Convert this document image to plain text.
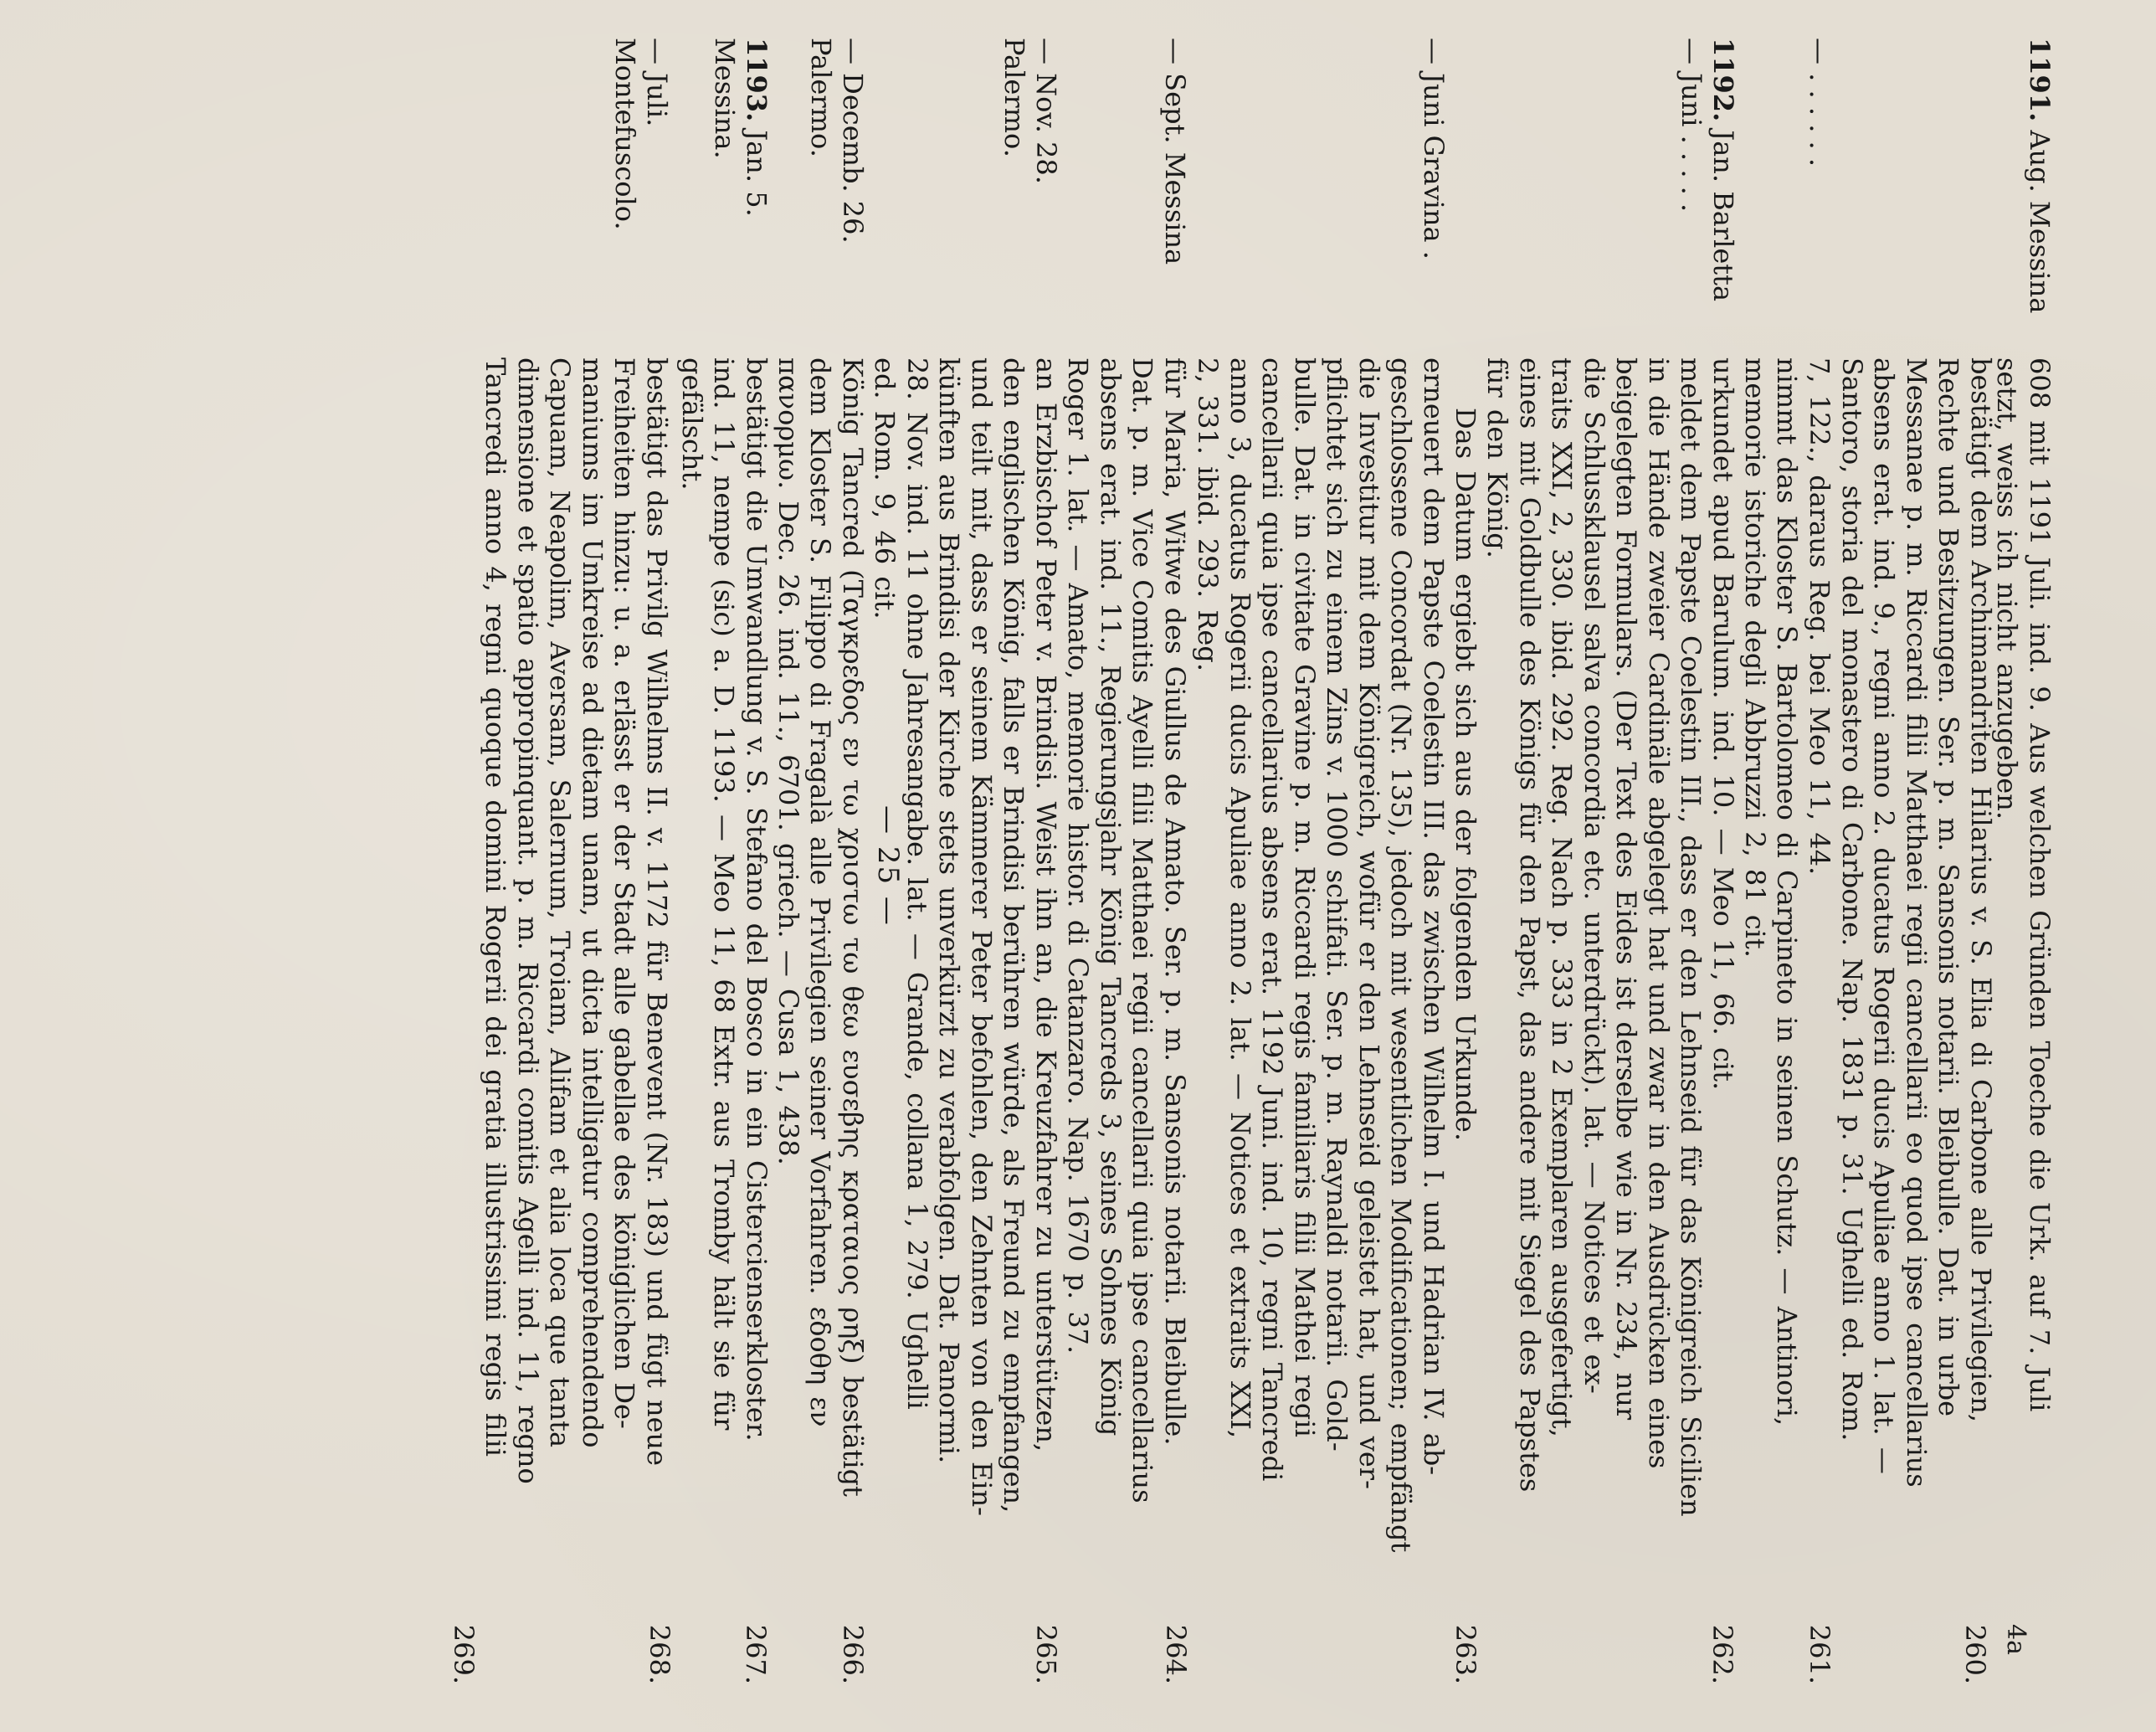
— 25 —
1191. Aug. Messina
608 mit 1191 Juli. ind. 9. Aus welchen Gründen Toeche die Urk. auf 7. Juli
setzt, weiss ich nicht anzugeben.
260.
bestätigt dem Archimandriten Hilarius v. S. Elia di Carbone alle Privilegien,
Rechte und Besitzungen. Ser. p. m. Sansonis notarii. Bleibulle. Dat. in urbe
Messanae p. m. Riccardi filii Matthaei regii cancellarii eo quod ipse cancellarius
absens erat. ind. 9., regni anno 2. ducatus Rogerii ducis Apuliae anno 1. lat. —
Santoro, storia del monastero di Carbone. Nap. 1831 p. 31. Ughelli ed. Rom.
261.
— . . . . . .
7, 122., daraus Reg. bei Meo 11, 44.
nimmt das Kloster S. Bartolomeo di Carpineto in seinen Schutz. — Antinori,
memorie istoriche degli Abbruzzi 2, 81 cit.
262.
1192. Jan. Barletta
— Juni . . . . .
urkundet apud Barulum. ind. 10. — Meo 11, 66. cit.
meldet dem Papste Coelestin III., dass er den Lehnseid für das Königreich Sicilien
in die Hände zweier Cardinäle abgelegt hat und zwar in den Ausdrücken eines
beigelegten Formulars. (Der Text des Eides ist derselbe wie in Nr. 234, nur
die Schlussklausel salva concordia etc. unterdrückt). lat. — Notices et ex-
traits XXI, 2, 330. ibid. 292. Reg. Nach p. 333 in 2 Exemplaren ausgefertigt,
eines mit Goldbulle des Königs für den Papst, das andere mit Siegel des Papstes
für den König.
263.
Das Datum ergiebt sich aus der folgenden Urkunde.
— Juni Gravina .
erneuert dem Papste Coelestin III. das zwischen Wilhelm I. und Hadrian IV. ab-
geschlossene Concordat (Nr. 135), jedoch mit wesentlichen Modificationen; empfängt
die Investitur mit dem Königreich, wofür er den Lehnseid geleistet hat, und ver-
pflichtet sich zu einem Zins v. 1000 schifati. Ser. p. m. Raynaldi notarii. Gold-
bulle. Dat. in civitate Gravine p. m. Riccardi regis familiaris filii Mathei regii
cancellarii quia ipse cancellarius absens erat. 1192 Juni. ind. 10, regni Tancredi
anno 3, ducatus Rogerii ducis Apuliae anno 2. lat. — Notices et extraits XXI,
2, 331. ibid. 293. Reg.
264.
— Sept. Messina
für Maria, Witwe des Giullus de Amato. Ser. p. m. Sansonis notarii. Bleibulle.
Dat. p. m. Vice Comitis Ayelli filii Matthaei regii cancellarii quia ipse cancellarius
absens erat. ind. 11., Regierungsjahr König Tancreds 3, seines Sohnes König
Roger 1. lat. — Amato, memorie histor. di Catanzaro. Nap. 1670 p. 37.
265.
— Nov. 28.
Palermo.
an Erzbischof Peter v. Brindisi. Weist ihn an, die Kreuzfahrer zu unterstützen,
den englischen König, falls er Brindisi berühren würde, als Freund zu empfangen,
und teilt mit, dass er seinem Kämmerer Peter befohlen, den Zehnten von den Ein-
künften aus Brindisi der Kirche stets unverkürzt zu verabfolgen. Dat. Panormi.
28. Nov. ind. 11 ohne Jahresangabe. lat. — Grande, collana 1, 279. Ughelli
ed. Rom. 9, 46 cit.
266.
— Decemb. 26.
Palermo.
König Tancred (Ταγκρεδος εν τω χριστω τω θεω ευσεβης κραταιος ρηξ) bestätigt
dem Kloster S. Filippo di Fragalà alle Privilegien seiner Vorfahren. εδοθη εν
πανορμω. Dec. 26. ind. 11., 6701. griech. — Cusa 1, 438.
267.
1193. Jan. 5.
Messina.
bestätigt die Umwandlung v. S. Stefano del Bosco in ein Cistercienserkloster.
ind. 11, nempe (sic) a. D. 1193. — Meo 11, 68 Extr. aus Tromby hält sie für
gefälscht.
268.
— Juli.
Montefuscolo.
bestätigt das Privilg Wilhelms II. v. 1172 für Benevent (Nr. 183) und fügt neue
Freiheiten hinzu: u. a. erlässt er der Stadt alle gabellae des königlichen De-
maniums im Umkreise ad dietam unam, ut dicta intelligatur comprehendendo
Capuam, Neapolim, Aversam, Salernum, Troiam, Alifam et alia loca que tanta
dimensione et spatio appropinquant. p. m. Riccardi comitis Agelli ind. 11, regno
Tancredi anno 4, regni quoque domini Rogerii dei gratia illustrissimi regis filii
269.	4a
